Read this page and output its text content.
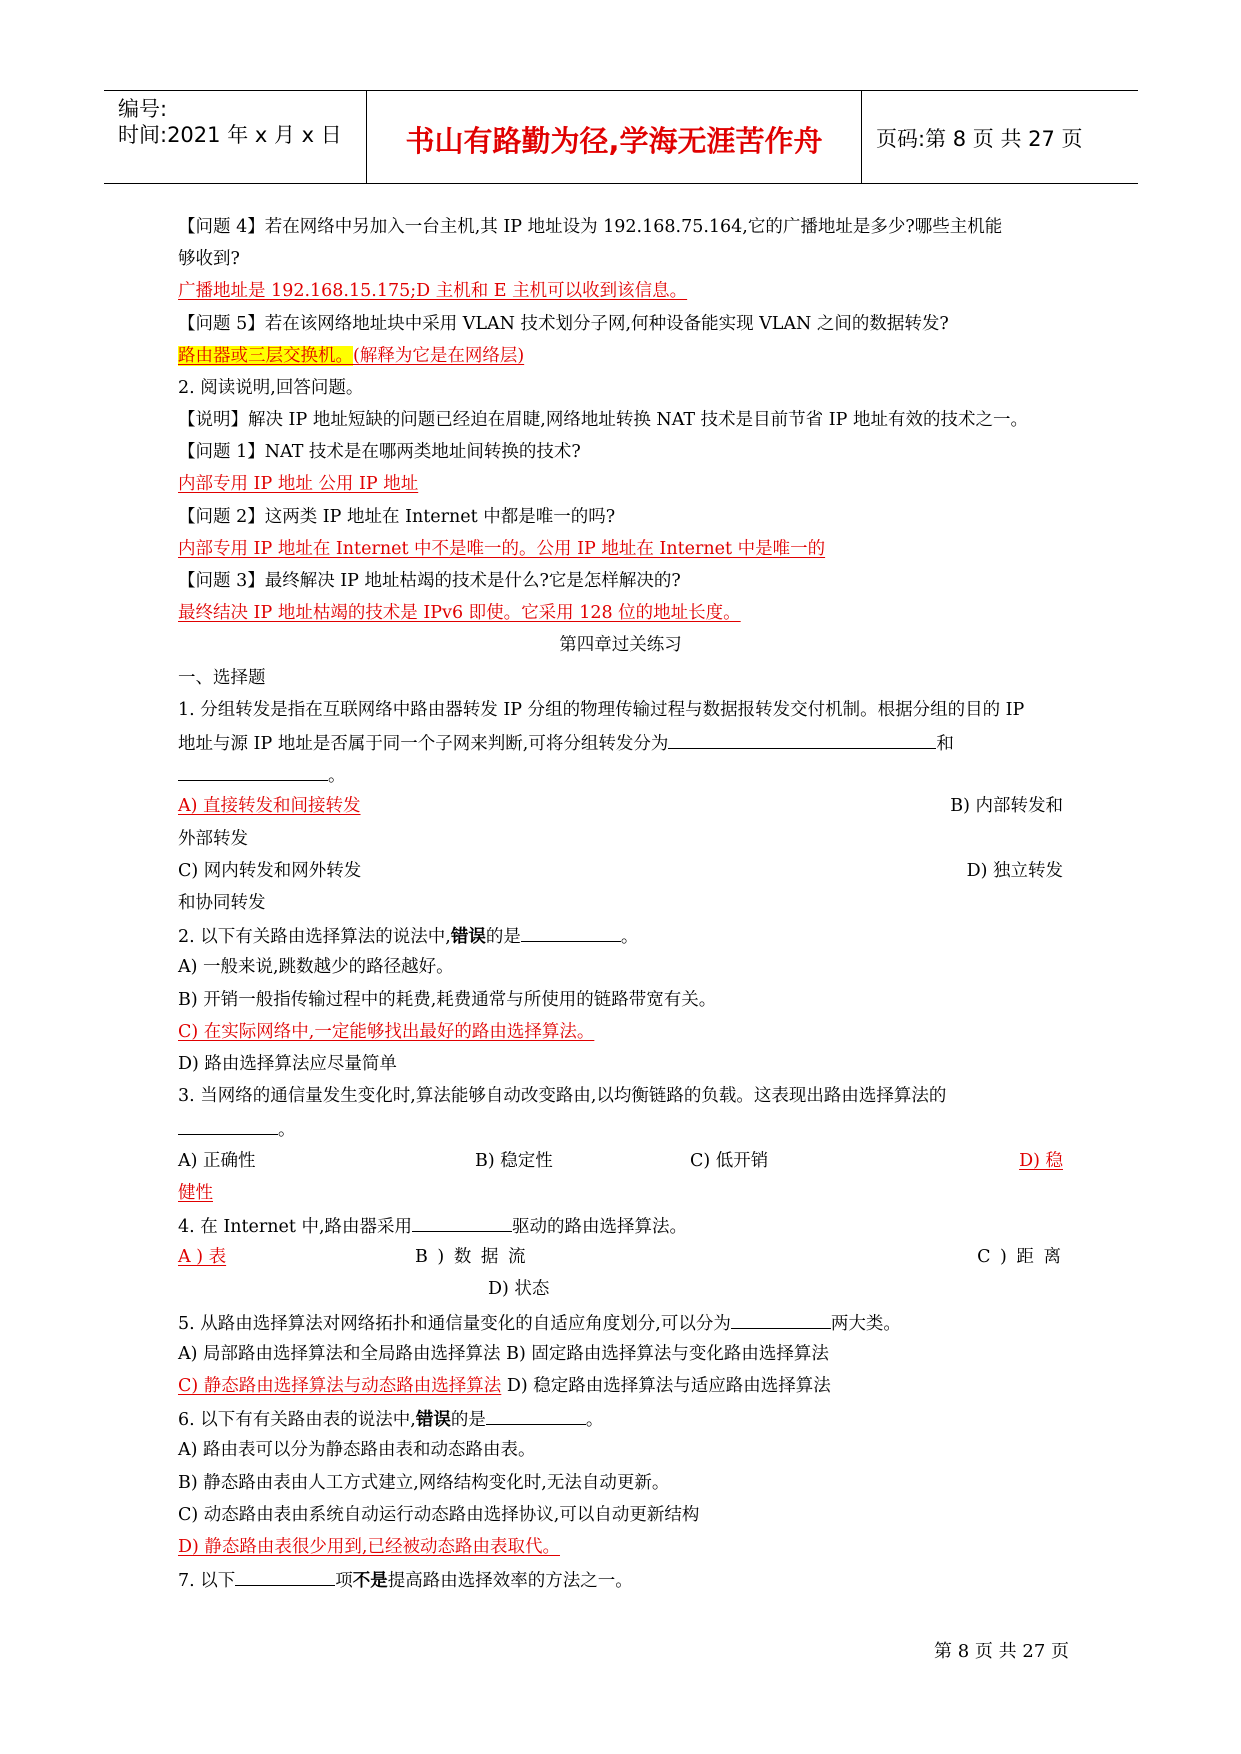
编号:
时间:2021 年 x 月 x 日	书山有路勤为径,学海无涯苦作舟	页码:第 8 页 共 27 页
【问题 4】若在网络中另加入一台主机,其 IP 地址设为 192.168.75.164,它的广播地址是多少?哪些主机能
够收到?
广播地址是 192.168.15.175;D 主机和 E 主机可以收到该信息。
【问题 5】若在该网络地址块中采用 VLAN 技术划分子网,何种设备能实现 VLAN 之间的数据转发?
路由器或三层交换机。(解释为它是在网络层)
2. 阅读说明,回答问题。
【说明】解决 IP 地址短缺的问题已经迫在眉睫,网络地址转换 NAT 技术是目前节省 IP 地址有效的技术之一。
【问题 1】NAT 技术是在哪两类地址间转换的技术?
内部专用 IP 地址 公用 IP 地址
【问题 2】这两类 IP 地址在 Internet 中都是唯一的吗?
内部专用 IP 地址在 Internet 中不是唯一的。公用 IP 地址在 Internet 中是唯一的
【问题 3】最终解决 IP 地址枯竭的技术是什么?它是怎样解决的?
最终结决 IP 地址枯竭的技术是 IPv6 即使。它采用 128 位的地址长度。
第四章过关练习
一、选择题
1. 分组转发是指在互联网络中路由器转发 IP 分组的物理传输过程与数据报转发交付机制。根据分组的目的 IP
地址与源 IP 地址是否属于同一个子网来判断,可将分组转发分为	和
。
A) 直接转发和间接转发	B) 内部转发和
外部转发
C) 网内转发和网外转发	D) 独立转发
和协同转发
2. 以下有关路由选择算法的说法中,错误的是	。
A) 一般来说,跳数越少的路径越好。
B) 开销一般指传输过程中的耗费,耗费通常与所使用的链路带宽有关。
C) 在实际网络中,一定能够找出最好的路由选择算法。
D) 路由选择算法应尽量简单
3. 当网络的通信量发生变化时,算法能够自动改变路由,以均衡链路的负载。这表现出路由选择算法的
。
A) 正确性	B) 稳定性	C) 低开销	D) 稳
健性
4. 在 Internet 中,路由器采用	驱动的路由选择算法。
A ) 表	B ) 数 据 流	C ) 距 离
D) 状态
5. 从路由选择算法对网络拓扑和通信量变化的自适应角度划分,可以分为	两大类。
A) 局部路由选择算法和全局路由选择算法 B) 固定路由选择算法与变化路由选择算法
C) 静态路由选择算法与动态路由选择算法 D) 稳定路由选择算法与适应路由选择算法
6. 以下有有关路由表的说法中,错误的是	。
A) 路由表可以分为静态路由表和动态路由表。
B) 静态路由表由人工方式建立,网络结构变化时,无法自动更新。
C) 动态路由表由系统自动运行动态路由选择协议,可以自动更新结构
D) 静态路由表很少用到,已经被动态路由表取代。
7. 以下	项不是提高路由选择效率的方法之一。
第 8 页 共 27 页
